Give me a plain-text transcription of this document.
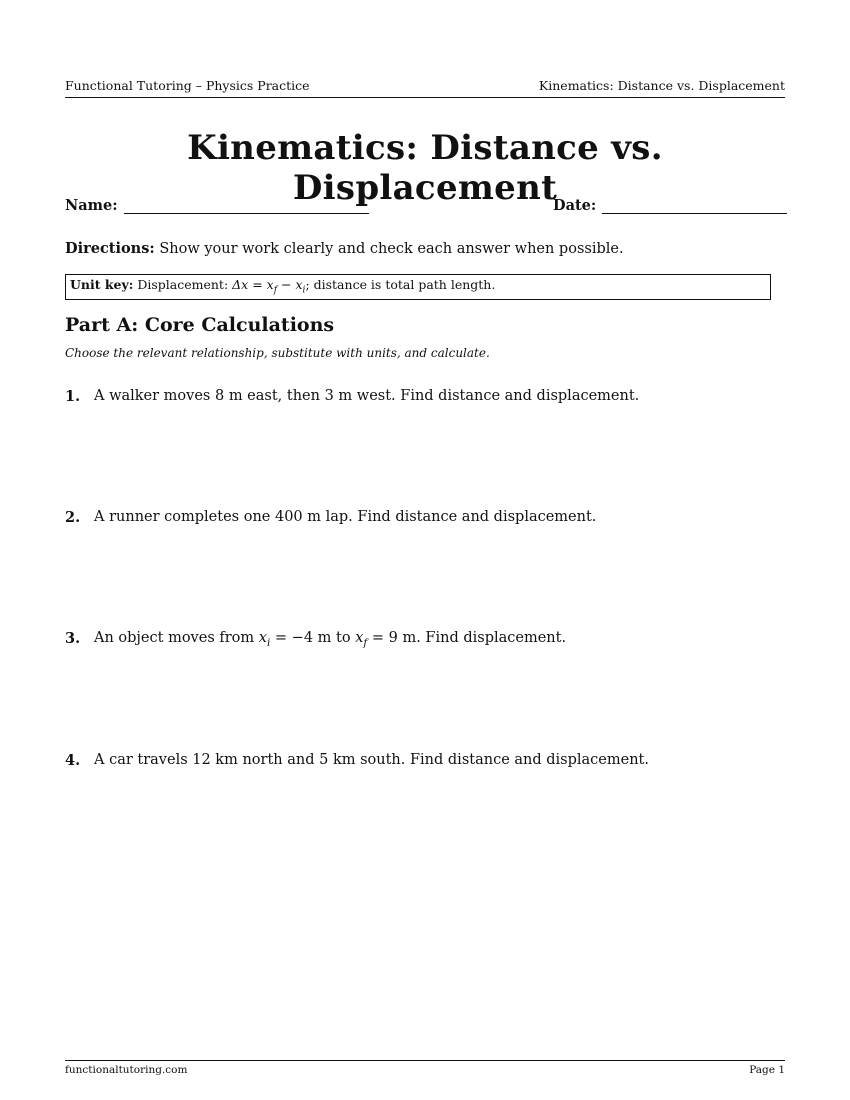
Functional Tutoring – Physics Practice	Kinematics: Distance vs. Displacement
Kinematics: Distance vs. Displacement
Name:	Date:
Directions: Show your work clearly and check each answer when possible.
Unit key: Displacement: $\Delta x = x_f - x_i$; distance is total path length.
Part A: Core Calculations
Choose the relevant relationship, substitute with units, and calculate.
1. A walker moves 8 m east, then 3 m west. Find distance and displacement.
2. A runner completes one 400 m lap. Find distance and displacement.
3. An object moves from $x_i = -4$ m to $x_f = 9$ m. Find displacement.
4. A car travels 12 km north and 5 km south. Find distance and displacement.
functionaltutoring.com	Page 1
